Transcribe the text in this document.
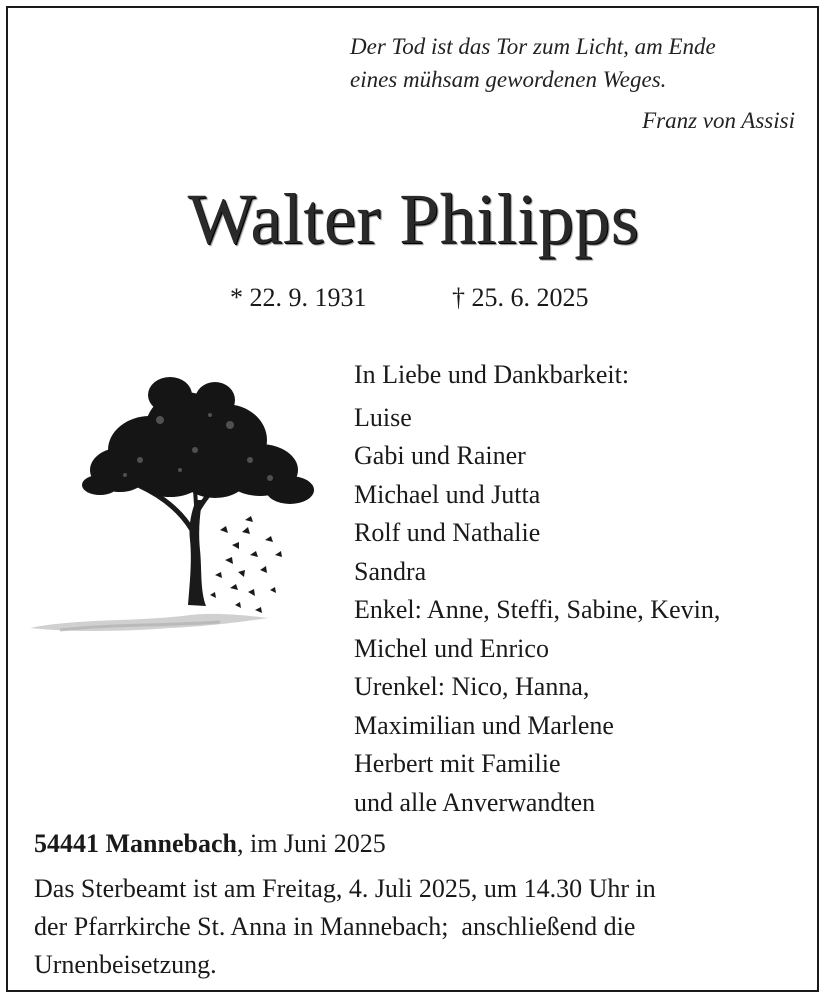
Der Tod ist das Tor zum Licht, am Ende
eines mühsam gewordenen Weges.
Franz von Assisi
Walter Philipps
* 22. 9. 1931	† 25. 6. 2025
In Liebe und Dankbarkeit:
Luise
Gabi und Rainer
Michael und Jutta
Rolf und Nathalie
Sandra
Enkel: Anne, Steffi, Sabine, Kevin,
Michel und Enrico
Urenkel: Nico, Hanna,
Maximilian und Marlene
Herbert mit Familie
und alle Anverwandten
54441 Mannebach, im Juni 2025
Das Sterbeamt ist am Freitag, 4. Juli 2025, um 14.30 Uhr in
der Pfarrkirche St. Anna in Mannebach;  anschließend die
Urnenbeisetzung.
